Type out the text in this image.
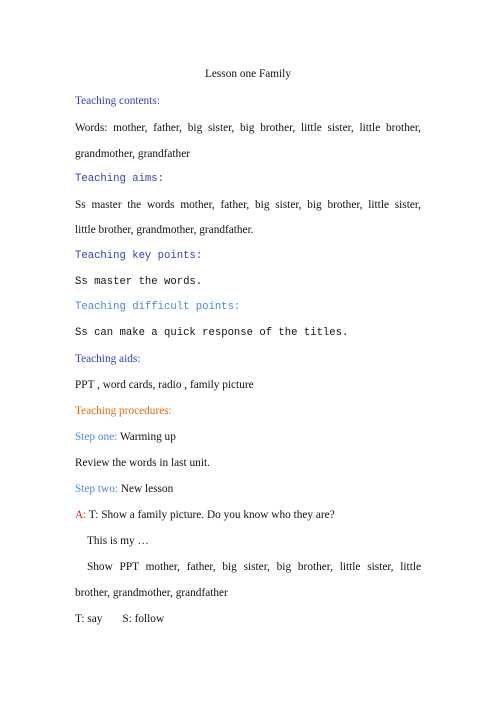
Lesson one Family
Teaching contents:
Words: mother, father, big sister, big brother, little sister, little brother,
grandmother, grandfather
Teaching aims:
Ss master the words mother, father, big sister, big brother, little sister,
little brother, grandmother, grandfather.
Teaching key points:
Ss master the words.
Teaching difficult points:
Ss can make a quick response of the titles.
Teaching aids:
PPT , word cards, radio , family picture
Teaching procedures:
Step one: Warming up
Review the words in last unit.
Step two: New lesson
A: T: Show a family picture. Do you know who they are?
This is my …
Show PPT mother, father, big sister, big brother, little sister, little
brother, grandmother, grandfather
T: say S: follow
